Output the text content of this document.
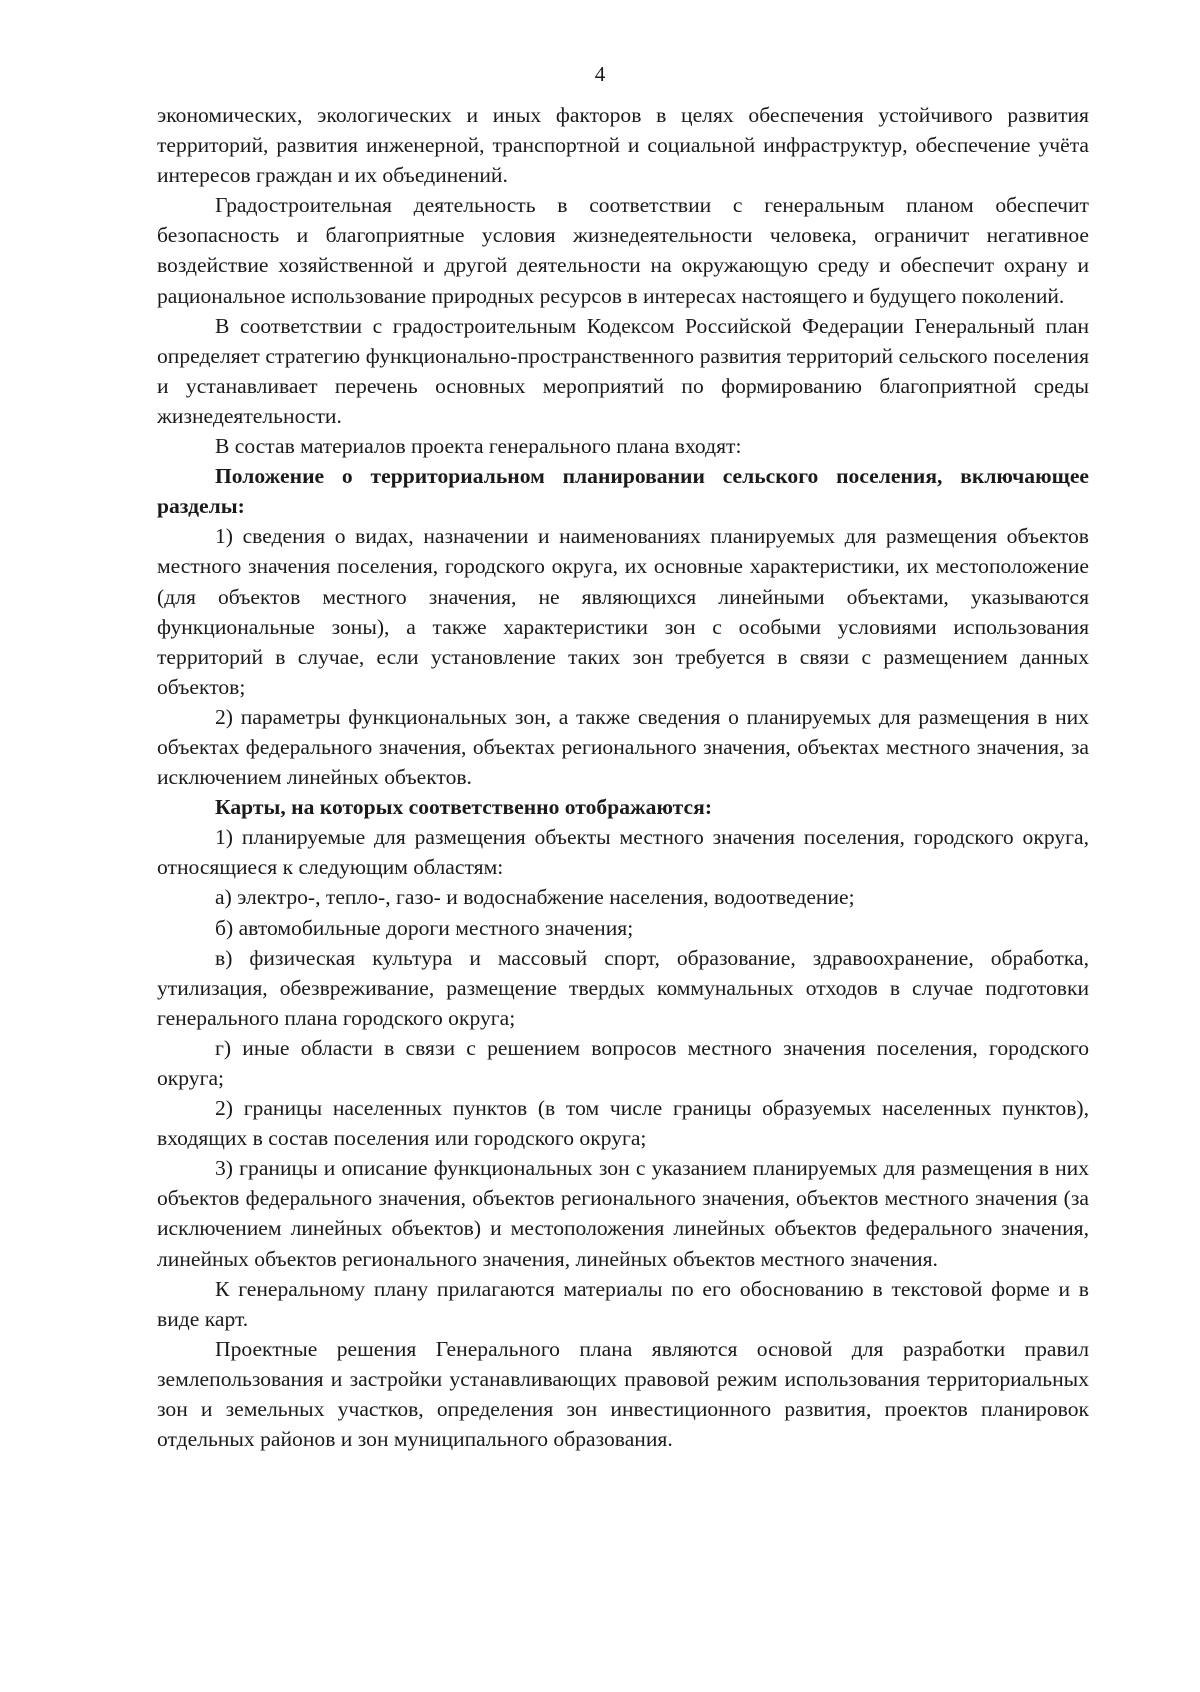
4

экономических, экологических и иных факторов в целях обеспечения устойчивого развития территорий, развития инженерной, транспортной и социальной инфраструктур, обеспечение учёта интересов граждан и их объединений.

Градостроительная деятельность в соответствии с генеральным планом обеспечит безопасность и благоприятные условия жизнедеятельности человека, ограничит негативное воздействие хозяйственной и другой деятельности на окружающую среду и обеспечит охрану и рациональное использование природных ресурсов в интересах настоящего и будущего поколений.

В соответствии с градостроительным Кодексом Российской Федерации Генеральный план определяет стратегию функционально-пространственного развития территорий сельского поселения и устанавливает перечень основных мероприятий по формированию благоприятной среды жизнедеятельности.

В состав материалов проекта генерального плана входят:

Положение о территориальном планировании сельского поселения, включающее разделы:

1) сведения о видах, назначении и наименованиях планируемых для размещения объектов местного значения поселения, городского округа, их основные характеристики, их местоположение (для объектов местного значения, не являющихся линейными объектами, указываются функциональные зоны), а также характеристики зон с особыми условиями использования территорий в случае, если установление таких зон требуется в связи с размещением данных объектов;

2) параметры функциональных зон, а также сведения о планируемых для размещения в них объектах федерального значения, объектах регионального значения, объектах местного значения, за исключением линейных объектов.

Карты, на которых соответственно отображаются:

1) планируемые для размещения объекты местного значения поселения, городского округа, относящиеся к следующим областям:

а) электро-, тепло-, газо- и водоснабжение населения, водоотведение;

б) автомобильные дороги местного значения;

в) физическая культура и массовый спорт, образование, здравоохранение, обработка, утилизация, обезвреживание, размещение твердых коммунальных отходов в случае подготовки генерального плана городского округа;

г) иные области в связи с решением вопросов местного значения поселения, городского округа;

2) границы населенных пунктов (в том числе границы образуемых населенных пунктов), входящих в состав поселения или городского округа;

3) границы и описание функциональных зон с указанием планируемых для размещения в них объектов федерального значения, объектов регионального значения, объектов местного значения (за исключением линейных объектов) и местоположения линейных объектов федерального значения, линейных объектов регионального значения, линейных объектов местного значения.

К генеральному плану прилагаются материалы по его обоснованию в текстовой форме и в виде карт.

Проектные решения Генерального плана являются основой для разработки правил землепользования и застройки устанавливающих правовой режим использования территориальных зон и земельных участков, определения зон инвестиционного развития, проектов планировок отдельных районов и зон муниципального образования.
